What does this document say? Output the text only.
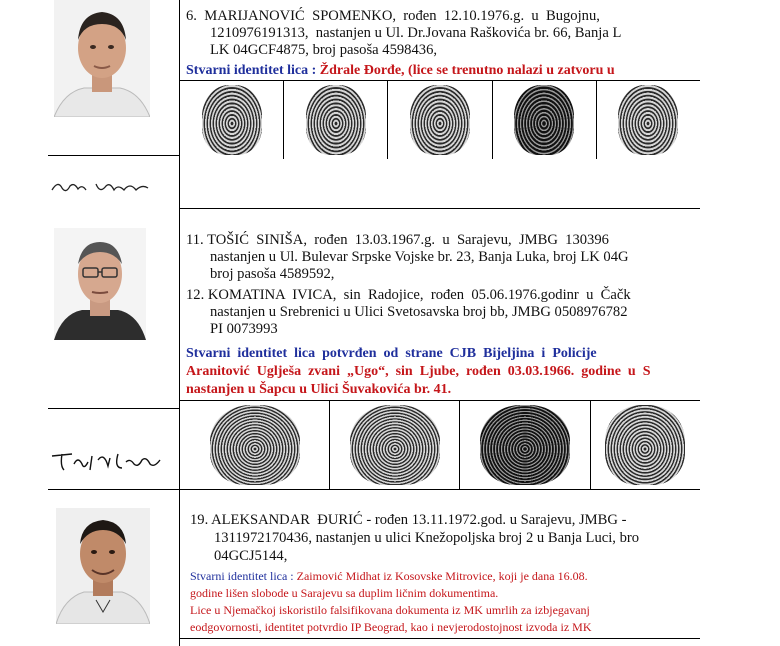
6.  MARIJANOVIĆ  SPOMENKO,  rođen  12.10.1976.g.  u  Bugojnu,
1210976191313,  nastanjen u Ul. Dr.Jovana Raškovića br. 66, Banja L
LK 04GCF4875, broj pasoša 4598436,
Stvarni identitet lica : Ždrale Đorđe, (lice se trenutno nalazi u zatvoru u
11. TOŠIĆ  SINIŠA,  rođen  13.03.1967.g.  u  Sarajevu,  JMBG  130396
nastanjen u Ul. Bulevar Srpske Vojske br. 23, Banja Luka, broj LK 04G
broj pasoša 4589592,
12. KOMATINA  IVICA,  sin  Radojice,  rođen  05.06.1976.godinr  u  Čačk
nastanjen u Srebrenici u Ulici Svetosavska broj bb, JMBG 0508976782
PI 0073993
Stvarni  identitet  lica  potvrđen  od  strane  CJB  Bijeljina  i  Policije
Aranitović  Uglješa  zvani  „Ugo“,  sin  Ljube,  rođen  03.03.1966.  godine  u  S
nastanjen u Šapcu u Ulici Šuvakovića br. 41.
19. ALEKSANDAR  ĐURIĆ - rođen 13.11.1972.god. u Sarajevu, JMBG -
1311972170436, nastanjen u ulici Knežopoljska broj 2 u Banja Luci, bro
04GCJ5144,
Stvarni identitet lica : Zaimović Midhat iz Kosovske Mitrovice, koji je dana 16.08.
godine lišen slobode u Sarajevu sa duplim ličnim dokumentima.
Lice u Njemačkoj iskoristilo falsifikovana dokumenta iz MK umrlih za izbjegavanj
eodgovornosti, identitet potvrdio IP Beograd, kao i nevjerodostojnost izvoda iz MK
